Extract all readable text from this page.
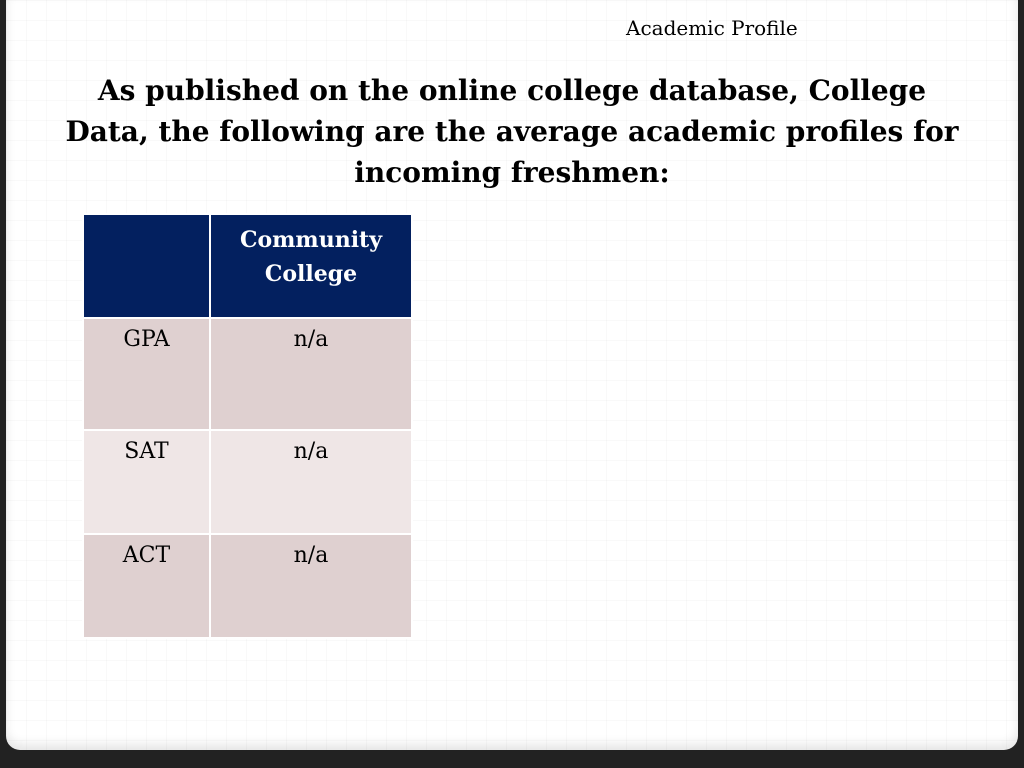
Academic Profile
As published on the online college database, College Data, the following are the average academic profiles for incoming freshmen:
	Community College
GPA	n/a
SAT	n/a
ACT	n/a
